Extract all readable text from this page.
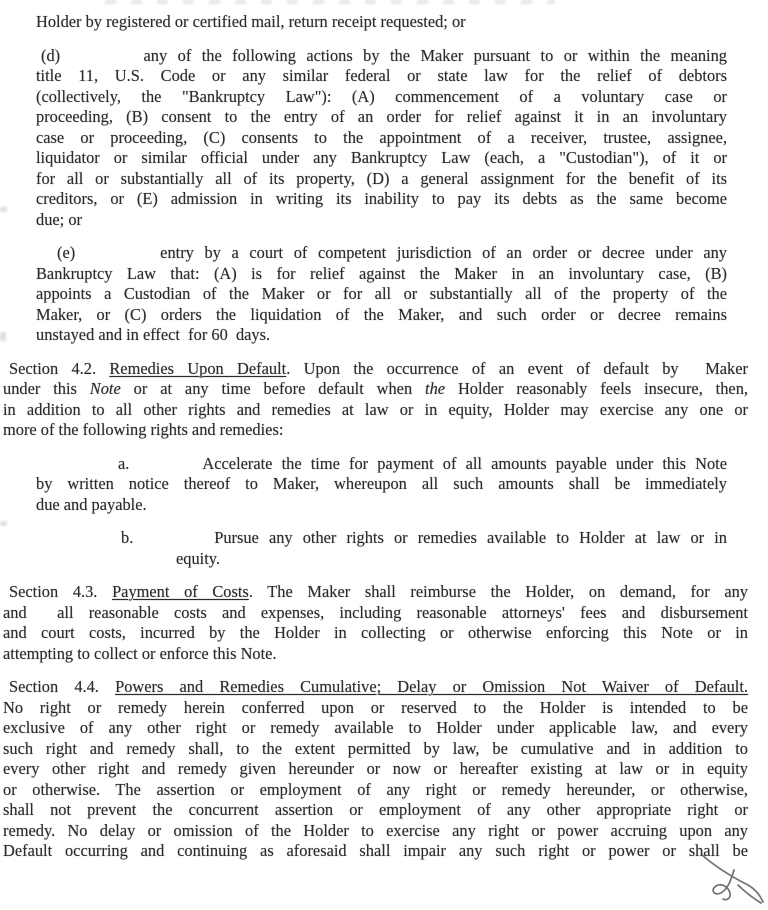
Holder by registered or certified mail, return receipt requested; or
(d)        any of the following actions by the Maker pursuant to or within the meaning
title 11, U.S. Code or any similar federal or state law for the relief of debtors
(collectively, the "Bankruptcy Law"): (A) commencement of a voluntary case or
proceeding, (B) consent to the entry of an order for relief against it in an involuntary
case or proceeding, (C) consents to the appointment of a receiver, trustee, assignee,
liquidator or similar official under any Bankruptcy Law (each, a "Custodian"), of it or
for all or substantially all of its property, (D) a general assignment for the benefit of its
creditors, or (E) admission in writing its inability to pay its debts as the same become
due; or
(e)        entry by a court of competent jurisdiction of an order or decree under any
Bankruptcy Law that: (A) is for relief against the Maker in an involuntary case, (B)
appoints a Custodian of the Maker or for all or substantially all of the property of the
Maker, or (C) orders the liquidation of the Maker, and such order or decree remains
unstayed and in effect  for 60  days.
Section 4.2. Remedies Upon Default. Upon the occurrence of an event of default by  Maker
under this Note or at any time before default when the Holder reasonably feels insecure, then,
in addition to all other rights and remedies at law or in equity, Holder may exercise any one or
more of the following rights and remedies:
a.        Accelerate the time for payment of all amounts payable under this Note
by written notice thereof to Maker, whereupon all such amounts shall be immediately
due and payable.
b.        Pursue any other rights or remedies available to Holder at law or in
equity.
Section 4.3. Payment of Costs. The Maker shall reimburse the Holder, on demand, for any
and  all reasonable costs and expenses, including reasonable attorneys' fees and disbursement
and court costs, incurred by the Holder in collecting or otherwise enforcing this Note or in
attempting to collect or enforce this Note.
Section 4.4. Powers and Remedies Cumulative; Delay or Omission Not Waiver of Default.
No right or remedy herein conferred upon or reserved to the Holder is intended to be
exclusive of any other right or remedy available to Holder under applicable law, and every
such right and remedy shall, to the extent permitted by law, be cumulative and in addition to
every other right and remedy given hereunder or now or hereafter existing at law or in equity
or otherwise. The assertion or employment of any right or remedy hereunder, or otherwise,
shall not prevent the concurrent assertion or employment of any other appropriate right or
remedy. No delay or omission of the Holder to exercise any right or power accruing upon any
Default occurring and continuing as aforesaid shall impair any such right or power or shall be
